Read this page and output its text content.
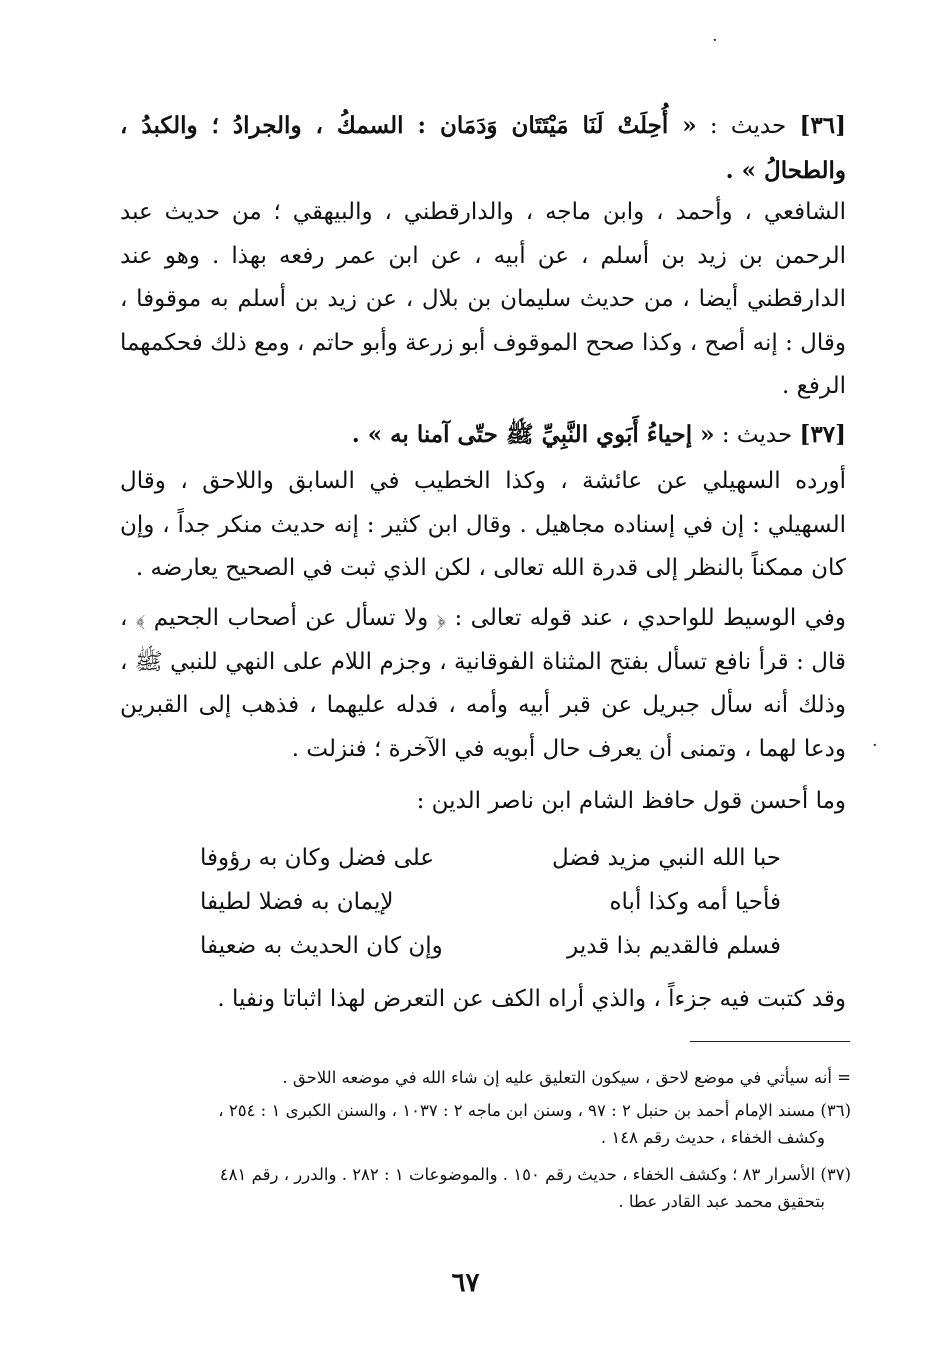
·
·
[٣٦] حديث : « أُحِلَتْ لَنَا مَيْتَتَان وَدَمَان : السمكُ ، والجرادُ ؛ والكبدُ ، والطحالُ » .
الشافعي ، وأحمد ، وابن ماجه ، والدارقطني ، والبيهقي ؛ من حديث عبد الرحمن بن زيد بن أسلم ، عن أبيه ، عن ابن عمر رفعه بهذا . وهو عند الدارقطني أيضا ، من حديث سليمان بن بلال ، عن زيد بن أسلم به موقوفا ، وقال : إنه أصح ، وكذا صحح الموقوف أبو زرعة وأبو حاتم ، ومع ذلك فحكمهما الرفع .
[٣٧] حديث : « إحياءُ أَبَوي النَّبِيِّ ﷺ حتّى آمنا به » .
أورده السهيلي عن عائشة ، وكذا الخطيب في السابق واللاحق ، وقال السهيلي : إن في إسناده مجاهيل . وقال ابن كثير : إنه حديث منكر جداً ، وإن كان ممكناً بالنظر إلى قدرة الله تعالى ، لكن الذي ثبت في الصحيح يعارضه .
وفي الوسيط للواحدي ، عند قوله تعالى : ﴿ ولا تسأل عن أصحاب الجحيم ﴾ ، قال : قرأ نافع تسأل بفتح المثناة الفوقانية ، وجزم اللام على النهي للنبي ﷺ ، وذلك أنه سأل جبريل عن قبر أبيه وأمه ، فدله عليهما ، فذهب إلى القبرين ودعا لهما ، وتمنى أن يعرف حال أبويه في الآخرة ؛ فنزلت .
وما أحسن قول حافظ الشام ابن ناصر الدين :
حبا الله النبي مزيد فضل
على فضل وكان به رؤوفا
فأحيا أمه وكذا أباه
لإيمان به فضلا لطيفا
فسلم فالقديم بذا قدير
وإن كان الحديث به ضعيفا
وقد كتبت فيه جزءاً ، والذي أراه الكف عن التعرض لهذا اثباتا ونفيا .
= أنه سيأتي في موضع لاحق ، سيكون التعليق عليه إن شاء الله في موضعه اللاحق .
(٣٦) مسند الإمام أحمد بن حنبل ٢ : ٩٧ ، وسنن ابن ماجه ٢ : ١٠٣٧ ، والسنن الكبرى ١ : ٢٥٤ ،
وكشف الخفاء ، حديث رقم ١٤٨ .
(٣٧) الأسرار ٨٣ ؛ وكشف الخفاء ، حديث رقم ١٥٠ . والموضوعات ١ : ٢٨٢ . والدرر ، رقم ٤٨١
بتحقيق محمد عبد القادر عطا .
٦٧
